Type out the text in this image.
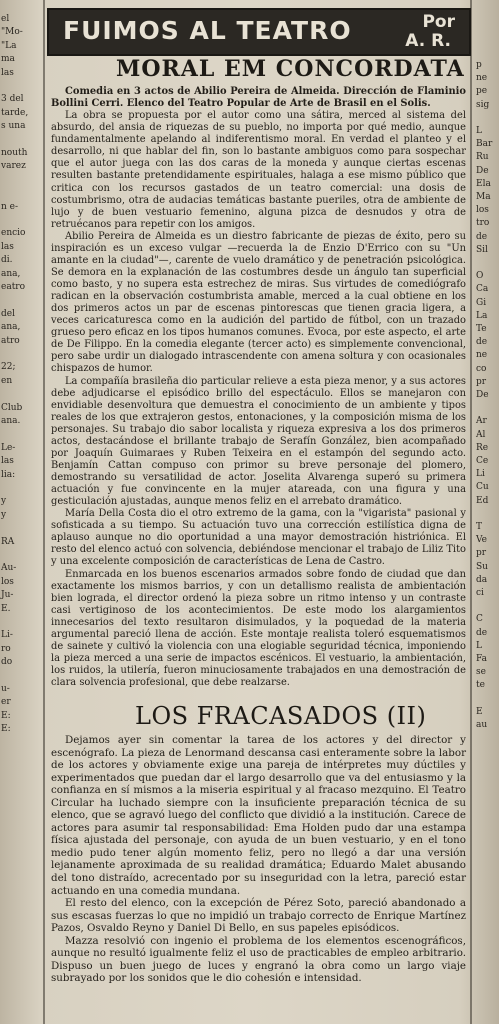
el
"Mo-
"La
ma
las
3 del
tarde,
s una
nouth
varez
n e-
encio
las
di.
ana,
eatro
del
ana,
atro
22;
en
Club
ana.
Le-
las
lia:
y
y
RA
Au-
los
Ju-
E.
Li-
ro
do
u-
er
E:
E:
p
ne
pe
sig
L
Bar
Ru
De
Ela
Ma
los
tro
de
Sil
O
Ca
Gi
La
Te
de
ne
co
pr
De
Ar
Al
Re
Ce
Li
Cu
Ed
T
Ve
pr
Su
da
ci
C
de
L
Fa
se
te
E
au
FUIMOS AL TEATRO	Por
A. R.
MORAL EM CONCORDATA

Comedia en 3 actos de Abilio Pereira de Almeida. Dirección de Flaminio Bollini Cerri. Elenco del Teatro Popular de Arte de Brasil en el Solis.

La obra se propuesta por el autor como una sátira, merced al sistema del absurdo, del ansia de riquezas de su pueblo, no importa por qué medio, aunque fundamentalmente apelando al indiferentismo moral. En verdad el planteo y el desarrollo, ni que hablar del fin, son lo bastante ambiguos como para sospechar que el autor juega con las dos caras de la moneda y aunque ciertas escenas resulten bastante pretendidamente espirituales, halaga a ese mismo público que critica con los recursos gastados de un teatro comercial: una dosis de costumbrismo, otra de audacias temáticas bastante pueriles, otra de ambiente de lujo y de buen vestuario femenino, alguna pizca de desnudos y otra de retruécanos para repetir con los amigos.

Abilio Pereira de Almeida es un diestro fabricante de piezas de éxito, pero su inspiración es un exceso vulgar —recuerda la de Enzio D'Errico con su "Un amante en la ciudad"—, carente de vuelo dramático y de penetración psicológica. Se demora en la explanación de las costumbres desde un ángulo tan superficial como basto, y no supera esta estrechez de miras. Sus virtudes de comediógrafo radican en la observación costumbrista amable, merced a la cual obtiene en los dos primeros actos un par de escenas pintorescas que tienen gracia ligera, a veces caricaturesca como en la audición del partido de fútbol, con un trazado grueso pero eficaz en los tipos humanos comunes. Evoca, por este aspecto, el arte de De Filippo. En la comedia elegante (tercer acto) es simplemente convencional, pero sabe urdir un dialogado intrascendente con amena soltura y con ocasionales chispazos de humor.

La compañía brasileña dio particular relieve a esta pieza menor, y a sus actores debe adjudicarse el episódico brillo del espectáculo. Ellos se manejaron con envidiable desenvoltura que demuestra el conocimiento de un ambiente y tipos reales de los que extrajeron gestos, entonaciones, y la composición misma de los personajes. Su trabajo dio sabor localista y riqueza expresiva a los dos primeros actos, destacándose el brillante trabajo de Serafín González, bien acompañado por Joaquín Guimaraes y Ruben Teixeira en el estampón del segundo acto. Benjamín Cattan compuso con primor su breve personaje del plomero, demostrando su versatilidad de actor. Joselita Alvarenga superó su primera actuación y fue convincente en la mujer atareada, con una figura y una gesticulación ajustadas, aunque menos feliz en el arrebato dramático.

María Della Costa dio el otro extremo de la gama, con la "vigarista" pasional y sofisticada a su tiempo. Su actuación tuvo una corrección estilística digna de aplauso aunque no dio oportunidad a una mayor demostración histriónica. El resto del elenco actuó con solvencia, debiéndose mencionar el trabajo de Liliz Tito y una excelente composición de características de Lena de Castro.

Enmarcada en los buenos escenarios armados sobre fondo de ciudad que dan exactamente los mismos barrios, y con un detallismo realista de ambientación bien lograda, el director ordenó la pieza sobre un ritmo intenso y un contraste casi vertiginoso de los acontecimientos. De este modo los alargamientos innecesarios del texto resultaron disimulados, y la poquedad de la materia argumental pareció llena de acción. Este montaje realista toleró esquematismos de sainete y cultivó la violencia con una elogiable seguridad técnica, imponiendo la pieza merced a una serie de impactos escénicos. El vestuario, la ambientación, los ruidos, la utilería, fueron minuciosamente trabajados en una demostración de clara solvencia profesional, que debe realzarse.

LOS FRACASADOS (II)

Dejamos ayer sin comentar la tarea de los actores y del director y escenógrafo. La pieza de Lenormand descansa casi enteramente sobre la labor de los actores y obviamente exige una pareja de intérpretes muy dúctiles y experimentados que puedan dar el largo desarrollo que va del entusiasmo y la confianza en sí mismos a la miseria espiritual y al fracaso mezquino. El Teatro Circular ha luchado siempre con la insuficiente preparación técnica de su elenco, que se agravó luego del conflicto que dividió a la institución. Carece de actores para asumir tal responsabilidad: Ema Holden pudo dar una estampa física ajustada del personaje, con ayuda de un buen vestuario, y en el tono medio pudo tener algún momento feliz, pero no llegó a dar una versión lejanamente aproximada de su realidad dramática; Eduardo Malet abusando del tono distraído, acrecentado por su inseguridad con la letra, pareció estar actuando en una comedia mundana.

El resto del elenco, con la excepción de Pérez Soto, pareció abandonado a sus escasas fuerzas lo que no impidió un trabajo correcto de Enrique Martínez Pazos, Osvaldo Reyno y Daniel Di Bello, en sus papeles episódicos.

Mazza resolvió con ingenio el problema de los elementos escenográficos, aunque no resultó igualmente feliz el uso de practicables de empleo arbitrario. Dispuso un buen juego de luces y engranó la obra como un largo viaje subrayado por los sonidos que le dio cohesión e intensidad.
